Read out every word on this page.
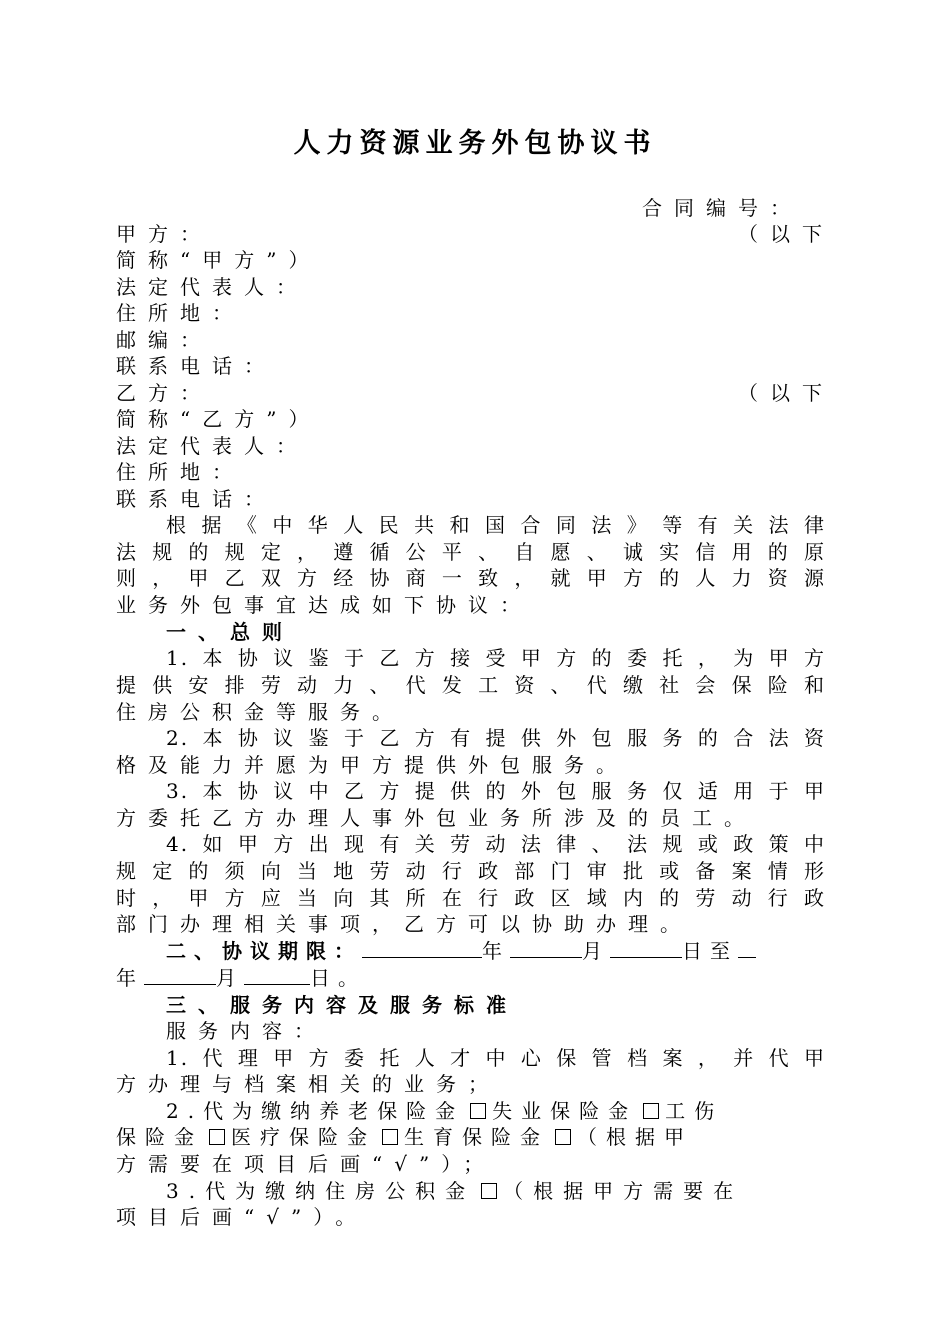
人力资源业务外包协议书
合同编号：
甲方：	（以下
简称“甲方”）
法定代表人：
住所地：
邮编：
联系电话：
乙方：	（以下
简称“乙方”）
法定代表人：
住所地：
联系电话：
根据《中华人民共和国合同法》等有关法律
法规的规定，遵循公平、自愿、诚实信用的原
则，甲乙双方经协商一致，就甲方的人力资源
业务外包事宜达成如下协议：
一、总则
1.本协议鉴于乙方接受甲方的委托，为甲方
提供安排劳动力、代发工资、代缴社会保险和
住房公积金等服务。
2.本协议鉴于乙方有提供外包服务的合法资
格及能力并愿为甲方提供外包服务。
3.本协议中乙方提供的外包服务仅适用于甲
方委托乙方办理人事外包业务所涉及的员工。
4.如甲方出现有关劳动法律、法规或政策中
规定的须向当地劳动行政部门审批或备案情形
时，甲方应当向其所在行政区域内的劳动行政
部门办理相关事项，乙方可以协助办理。
二、协议期限：	年	月	日至
年	月	日。
三、服务内容及服务标准
服务内容：
1.代理甲方委托人才中心保管档案，并代甲
方办理与档案相关的业务；
2.代为缴纳养老保险金 失业保险金 工伤
保险金 医疗保险金 生育保险金 （根据甲
方需要在项目后画“√”）；
3.代为缴纳住房公积金 （根据甲方需要在
项目后画“√”）。
